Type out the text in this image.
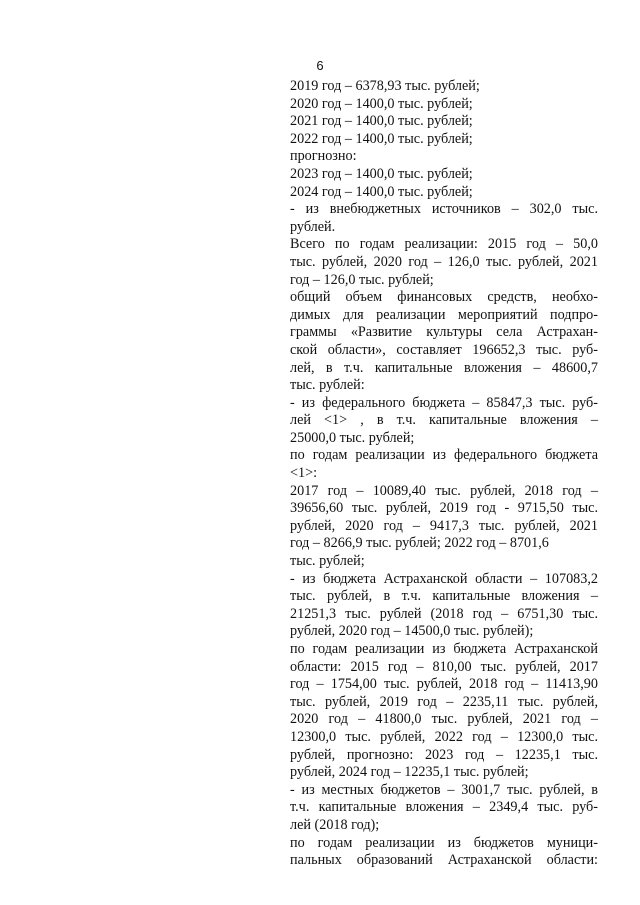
6
2019 год – 6378,93 тыс. рублей;
2020 год – 1400,0 тыс. рублей;
2021 год – 1400,0 тыс. рублей;
2022 год – 1400,0 тыс. рублей;
прогнозно:
2023 год – 1400,0 тыс. рублей;
2024 год – 1400,0 тыс. рублей;
- из внебюджетных источников – 302,0 тыс.
рублей.
Всего по годам реализации: 2015 год – 50,0
тыс. рублей, 2020 год – 126,0 тыс. рублей, 2021
год – 126,0 тыс. рублей;
общий объем финансовых средств, необхо-
димых для реализации мероприятий подпро-
граммы «Развитие культуры села Астрахан-
ской области», составляет 196652,3 тыс. руб-
лей, в т.ч. капитальные вложения – 48600,7
тыс. рублей:
- из федерального бюджета – 85847,3 тыс. руб-
лей <1> , в т.ч. капитальные вложения –
25000,0 тыс. рублей;
по годам реализации из федерального бюджета
<1>:
2017 год – 10089,40 тыс. рублей, 2018 год –
39656,60 тыс. рублей, 2019 год - 9715,50 тыс.
рублей, 2020 год – 9417,3 тыс. рублей, 2021
год – 8266,9 тыс. рублей; 2022 год – 8701,6
тыс. рублей;
- из бюджета Астраханской области – 107083,2
тыс. рублей, в т.ч. капитальные вложения –
21251,3 тыс. рублей (2018 год – 6751,30 тыс.
рублей, 2020 год – 14500,0 тыс. рублей);
по годам реализации из бюджета Астраханской
области: 2015 год – 810,00 тыс. рублей, 2017
год – 1754,00 тыс. рублей, 2018 год – 11413,90
тыс. рублей, 2019 год – 2235,11 тыс. рублей,
2020 год – 41800,0 тыс. рублей, 2021 год –
12300,0 тыс. рублей, 2022 год – 12300,0 тыс.
рублей, прогнозно: 2023 год – 12235,1 тыс.
рублей, 2024 год – 12235,1 тыс. рублей;
- из местных бюджетов – 3001,7 тыс. рублей, в
т.ч. капитальные вложения – 2349,4 тыс. руб-
лей (2018 год);
по годам реализации из бюджетов муници-
пальных образований Астраханской области:
